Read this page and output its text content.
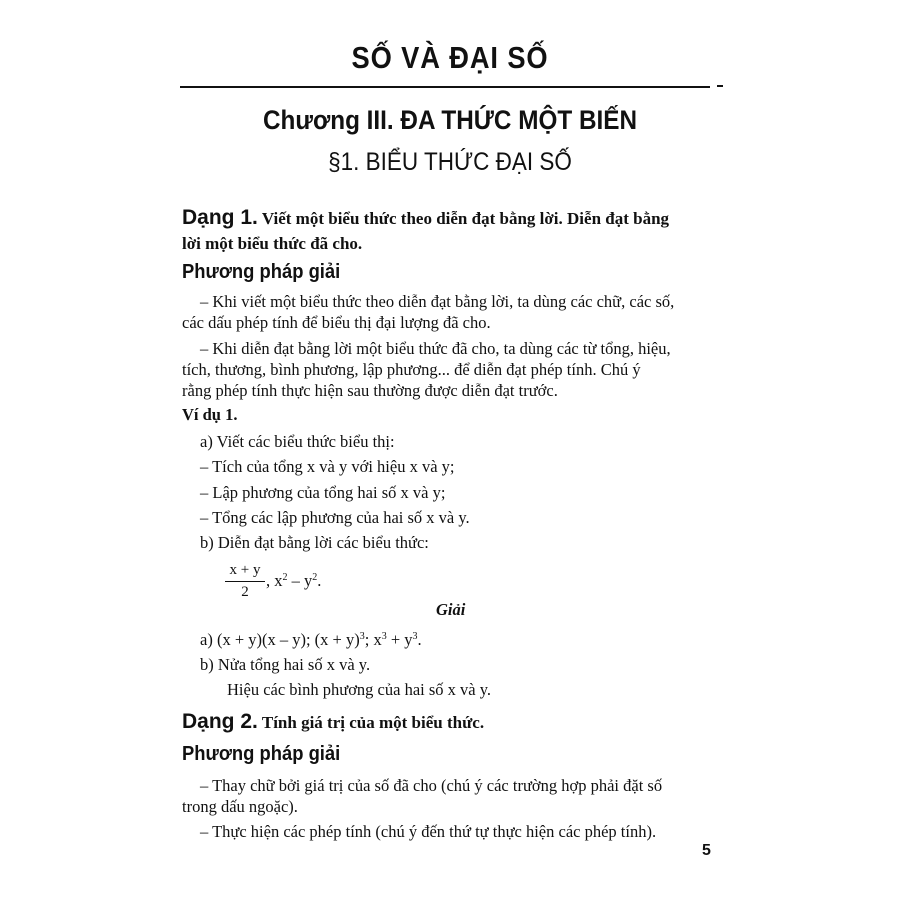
SỐ VÀ ĐẠI SỐ
Chương III. ĐA THỨC MỘT BIẾN
§1. BIỂU THỨC ĐẠI SỐ
Dạng 1. Viết một biểu thức theo diễn đạt bằng lời. Diễn đạt bằng
lời một biểu thức đã cho.
Phương pháp giải
– Khi viết một biểu thức theo diễn đạt bằng lời, ta dùng các chữ, các số,
các dấu phép tính để biểu thị đại lượng đã cho.
– Khi diễn đạt bằng lời một biểu thức đã cho, ta dùng các từ tổng, hiệu,
tích, thương, bình phương, lập phương... để diễn đạt phép tính. Chú ý
rằng phép tính thực hiện sau thường được diễn đạt trước.
Ví dụ 1.
a) Viết các biểu thức biểu thị:
– Tích của tổng x và y với hiệu x và y;
– Lập phương của tổng hai số x và y;
– Tổng các lập phương của hai số x và y.
b) Diễn đạt bằng lời các biểu thức:
x + y
2
, $x^2 - y^2$.
Giải
a) (x + y)(x – y); $(x + y)^3$; $x^3 + y^3$.
b) Nửa tổng hai số x và y.
Hiệu các bình phương của hai số x và y.
Dạng 2. Tính giá trị của một biểu thức.
Phương pháp giải
– Thay chữ bởi giá trị của số đã cho (chú ý các trường hợp phải đặt số
trong dấu ngoặc).
– Thực hiện các phép tính (chú ý đến thứ tự thực hiện các phép tính).
5
